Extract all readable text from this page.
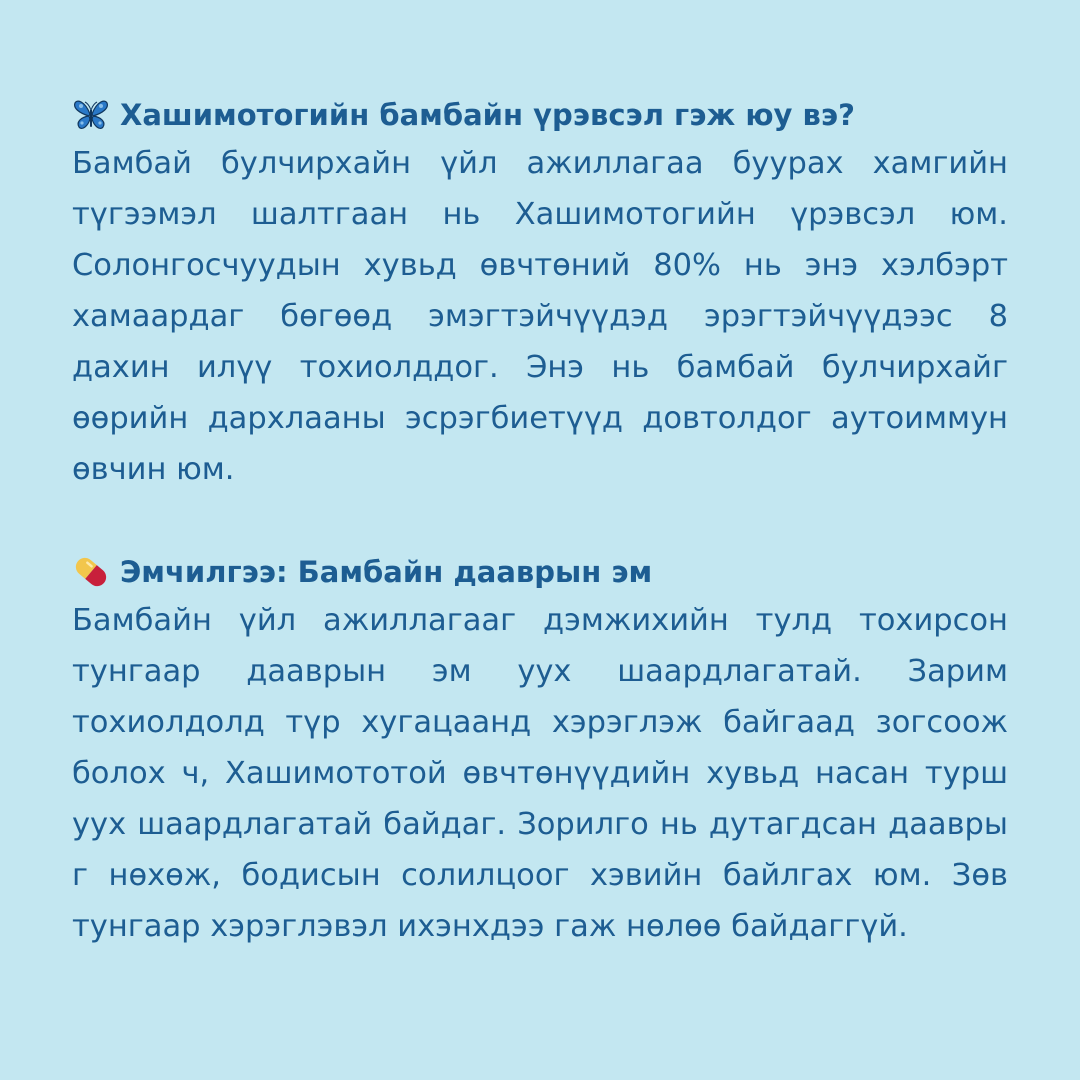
Хашимотогийн бамбайн үрэвсэл гэж юу вэ?

Бамбай булчирхайн үйл ажиллагаа буурах хамгийн түгээмэл шалтгаан нь Хашимотогийн үрэвсэл юм. Солонгосчуудын хувьд өвчтөний 80% нь энэ хэлбэрт хамаардаг бөгөөд эмэгтэйчүүдэд эрэгтэйчүүдээс 8 дахин илүү тохиолддог. Энэ нь бамбай булчирхайг өөрийн дархлааны эсрэгбиетүүд довтолдог аутоиммун өвчин юм.

Эмчилгээ: Бамбайн дааврын эм

Бамбайн үйл ажиллагааг дэмжихийн тулд тохирсон тунгаар дааврын эм уух шаардлагатай. Зарим тохиолдолд түр хугацаанд хэрэглэж байгаад зогсоож болох ч, Хашимототой өвчтөнүүдийн хувьд насан турш уух шаардлагатай байдаг. Зорилго нь дутагдсан даавры г нөхөж, бодисын солилцоог хэвийн байлгах юм. Зөв тунгаар хэрэглэвэл ихэнхдээ гаж нөлөө байдаггүй.
